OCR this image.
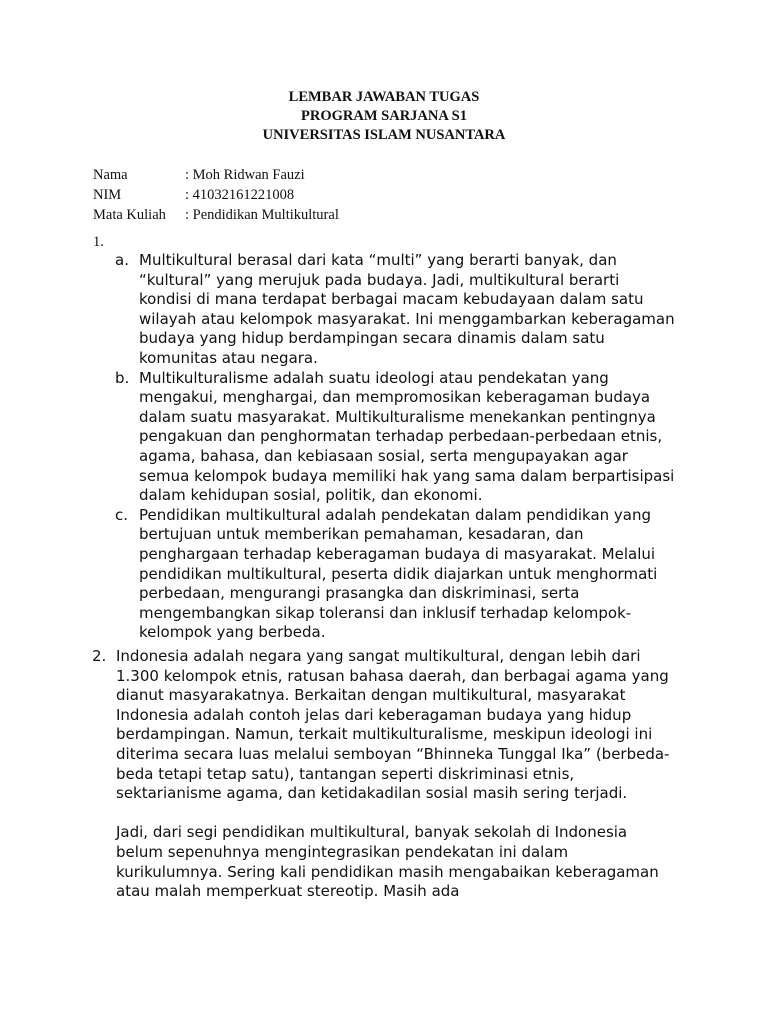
LEMBAR JAWABAN TUGAS
PROGRAM SARJANA S1
UNIVERSITAS ISLAM NUSANTARA
Nama	: Moh Ridwan Fauzi
NIM	: 41032161221008
Mata Kuliah	: Pendidikan Multikultural
1.
a. Multikultural berasal dari kata “multi” yang berarti banyak, dan “kultural” yang merujuk pada budaya. Jadi, multikultural berarti kondisi di mana terdapat berbagai macam kebudayaan dalam satu wilayah atau kelompok masyarakat. Ini menggambarkan keberagaman budaya yang hidup berdampingan secara dinamis dalam satu komunitas atau negara.
b. Multikulturalisme adalah suatu ideologi atau pendekatan yang mengakui, menghargai, dan mempromosikan keberagaman budaya dalam suatu masyarakat. Multikulturalisme menekankan pentingnya pengakuan dan penghormatan terhadap perbedaan-perbedaan etnis, agama, bahasa, dan kebiasaan sosial, serta mengupayakan agar semua kelompok budaya memiliki hak yang sama dalam berpartisipasi dalam kehidupan sosial, politik, dan ekonomi.
c. Pendidikan multikultural adalah pendekatan dalam pendidikan yang bertujuan untuk memberikan pemahaman, kesadaran, dan penghargaan terhadap keberagaman budaya di masyarakat. Melalui pendidikan multikultural, peserta didik diajarkan untuk menghormati perbedaan, mengurangi prasangka dan diskriminasi, serta mengembangkan sikap toleransi dan inklusif terhadap kelompok-kelompok yang berbeda.
2. Indonesia adalah negara yang sangat multikultural, dengan lebih dari 1.300 kelompok etnis, ratusan bahasa daerah, dan berbagai agama yang dianut masyarakatnya. Berkaitan dengan multikultural, masyarakat Indonesia adalah contoh jelas dari keberagaman budaya yang hidup berdampingan. Namun, terkait multikulturalisme, meskipun ideologi ini diterima secara luas melalui semboyan “Bhinneka Tunggal Ika” (berbeda-beda tetapi tetap satu), tantangan seperti diskriminasi etnis, sektarianisme agama, dan ketidakadilan sosial masih sering terjadi.
Jadi, dari segi pendidikan multikultural, banyak sekolah di Indonesia belum sepenuhnya mengintegrasikan pendekatan ini dalam kurikulumnya. Sering kali pendidikan masih mengabaikan keberagaman atau malah memperkuat stereotip. Masih ada
